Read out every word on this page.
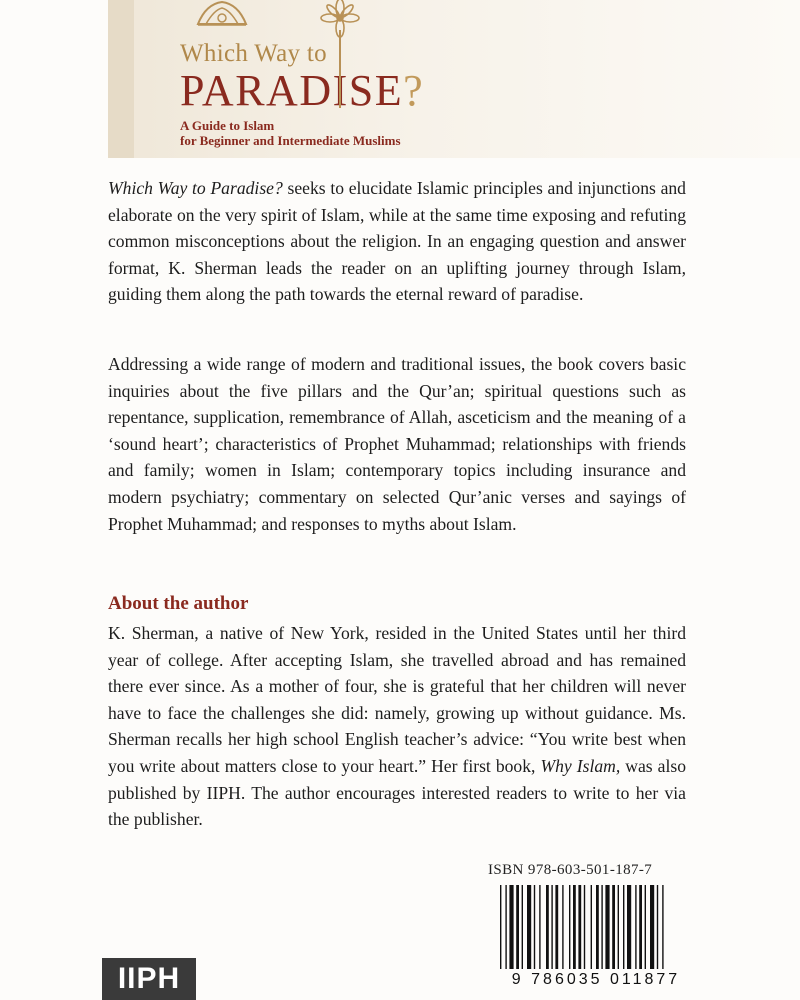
Which Way to
PARADISE?
A Guide to Islam
for Beginner and Intermediate Muslims
Which Way to Paradise? seeks to elucidate Islamic principles and injunctions and elaborate on the very spirit of Islam, while at the same time exposing and refuting common misconceptions about the religion. In an engaging question and answer format, K. Sherman leads the reader on an uplifting journey through Islam, guiding them along the path towards the eternal reward of paradise.
Addressing a wide range of modern and traditional issues, the book covers basic inquiries about the five pillars and the Qur’an; spiritual questions such as repentance, supplication, remembrance of Allah, asceticism and the meaning of a ‘sound heart’; characteristics of Prophet Muhammad; relationships with friends and family; women in Islam; contemporary topics including insurance and modern psychiatry; commentary on selected Qur’anic verses and sayings of Prophet Muhammad; and responses to myths about Islam.
About the author
K. Sherman, a native of New York, resided in the United States until her third year of college. After accepting Islam, she travelled abroad and has remained there ever since. As a mother of four, she is grateful that her children will never have to face the challenges she did: namely, growing up without guidance. Ms. Sherman recalls her high school English teacher’s advice: “You write best when you write about matters close to your heart.” Her first book, Why Islam, was also published by IIPH. The author encourages interested readers to write to her via the publisher.
ISBN 978-603-501-187-7
9 786035 011877
IIPH
